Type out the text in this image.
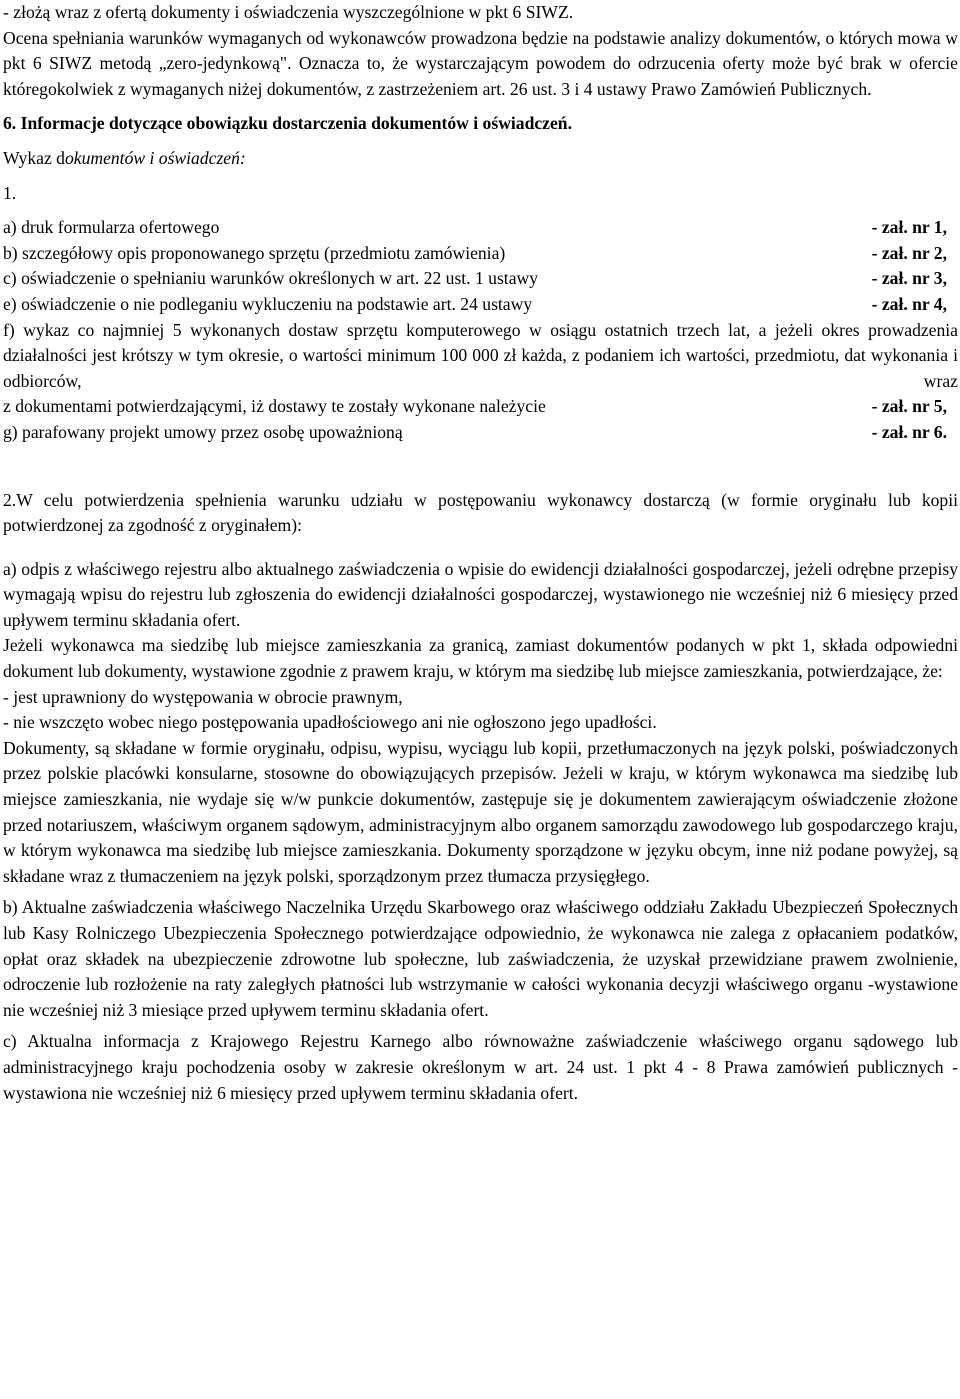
- złożą wraz z ofertą dokumenty i oświadczenia wyszczególnione w pkt 6 SIWZ.

Ocena spełniania warunków wymaganych od wykonawców prowadzona będzie na podstawie analizy dokumentów, o których mowa w pkt 6 SIWZ metodą „zero-jedynkową". Oznacza to, że wystarczającym powodem do odrzucenia oferty może być brak w ofercie któregokolwiek z wymaganych niżej dokumentów, z zastrzeżeniem art. 26 ust. 3 i 4 ustawy Prawo Zamówień Publicznych.

6. Informacje dotyczące obowiązku dostarczenia dokumentów i oświadczeń.

Wykaz dokumentów i oświadczeń:

1.

a) druk formularza ofertowego	- zał. nr 1,
b) szczegółowy opis proponowanego sprzętu (przedmiotu zamówienia)	- zał. nr 2,
c) oświadczenie o spełnianiu warunków określonych w art. 22 ust. 1 ustawy	- zał. nr 3,
e) oświadczenie o nie podleganiu wykluczeniu na podstawie art. 24 ustawy	- zał. nr 4,

f) wykaz co najmniej 5 wykonanych dostaw sprzętu komputerowego w osiągu ostatnich trzech lat, a jeżeli okres prowadzenia działalności jest krótszy w tym okresie, o wartości minimum 100 000 zł każda, z podaniem ich wartości, przedmiotu, dat wykonania i odbiorców, wraz

z dokumentami potwierdzającymi, iż dostawy te zostały wykonane należycie	- zał. nr 5,
g) parafowany projekt umowy przez osobę upoważnioną	- zał. nr 6.

2.W celu potwierdzenia spełnienia warunku udziału w postępowaniu wykonawcy dostarczą (w formie oryginału lub kopii potwierdzonej za zgodność z oryginałem):

a) odpis z właściwego rejestru albo aktualnego zaświadczenia o wpisie do ewidencji działalności gospodarczej, jeżeli odrębne przepisy wymagają wpisu do rejestru lub zgłoszenia do ewidencji działalności gospodarczej, wystawionego nie wcześniej niż 6 miesięcy przed upływem terminu składania ofert.

Jeżeli wykonawca ma siedzibę lub miejsce zamieszkania za granicą, zamiast dokumentów podanych w pkt 1, składa odpowiedni dokument lub dokumenty, wystawione zgodnie z prawem kraju, w którym ma siedzibę lub miejsce zamieszkania, potwierdzające, że:

- jest uprawniony do występowania w obrocie prawnym,

- nie wszczęto wobec niego postępowania upadłościowego ani nie ogłoszono jego upadłości.

Dokumenty, są składane w formie oryginału, odpisu, wypisu, wyciągu lub kopii, przetłumaczonych na język polski, poświadczonych przez polskie placówki konsularne, stosowne do obowiązujących przepisów. Jeżeli w kraju, w którym wykonawca ma siedzibę lub miejsce zamieszkania, nie wydaje się w/w punkcie dokumentów, zastępuje się je dokumentem zawierającym oświadczenie złożone przed notariuszem, właściwym organem sądowym, administracyjnym albo organem samorządu zawodowego lub gospodarczego kraju, w którym wykonawca ma siedzibę lub miejsce zamieszkania. Dokumenty sporządzone w języku obcym, inne niż podane powyżej, są składane wraz z tłumaczeniem na język polski, sporządzonym przez tłumacza przysięgłego.

b) Aktualne zaświadczenia właściwego Naczelnika Urzędu Skarbowego oraz właściwego oddziału Zakładu Ubezpieczeń Społecznych lub Kasy Rolniczego Ubezpieczenia Społecznego potwierdzające odpowiednio, że wykonawca nie zalega z opłacaniem podatków, opłat oraz składek na ubezpieczenie zdrowotne lub społeczne, lub zaświadczenia, że uzyskał przewidziane prawem zwolnienie, odroczenie lub rozłożenie na raty zaległych płatności lub wstrzymanie w całości wykonania decyzji właściwego organu -wystawione nie wcześniej niż 3 miesiące przed upływem terminu składania ofert.

c) Aktualna informacja z Krajowego Rejestru Karnego albo równoważne zaświadczenie właściwego organu sądowego lub administracyjnego kraju pochodzenia osoby w zakresie określonym w art. 24 ust. 1 pkt 4 - 8 Prawa zamówień publicznych - wystawiona nie wcześniej niż 6 miesięcy przed upływem terminu składania ofert.
